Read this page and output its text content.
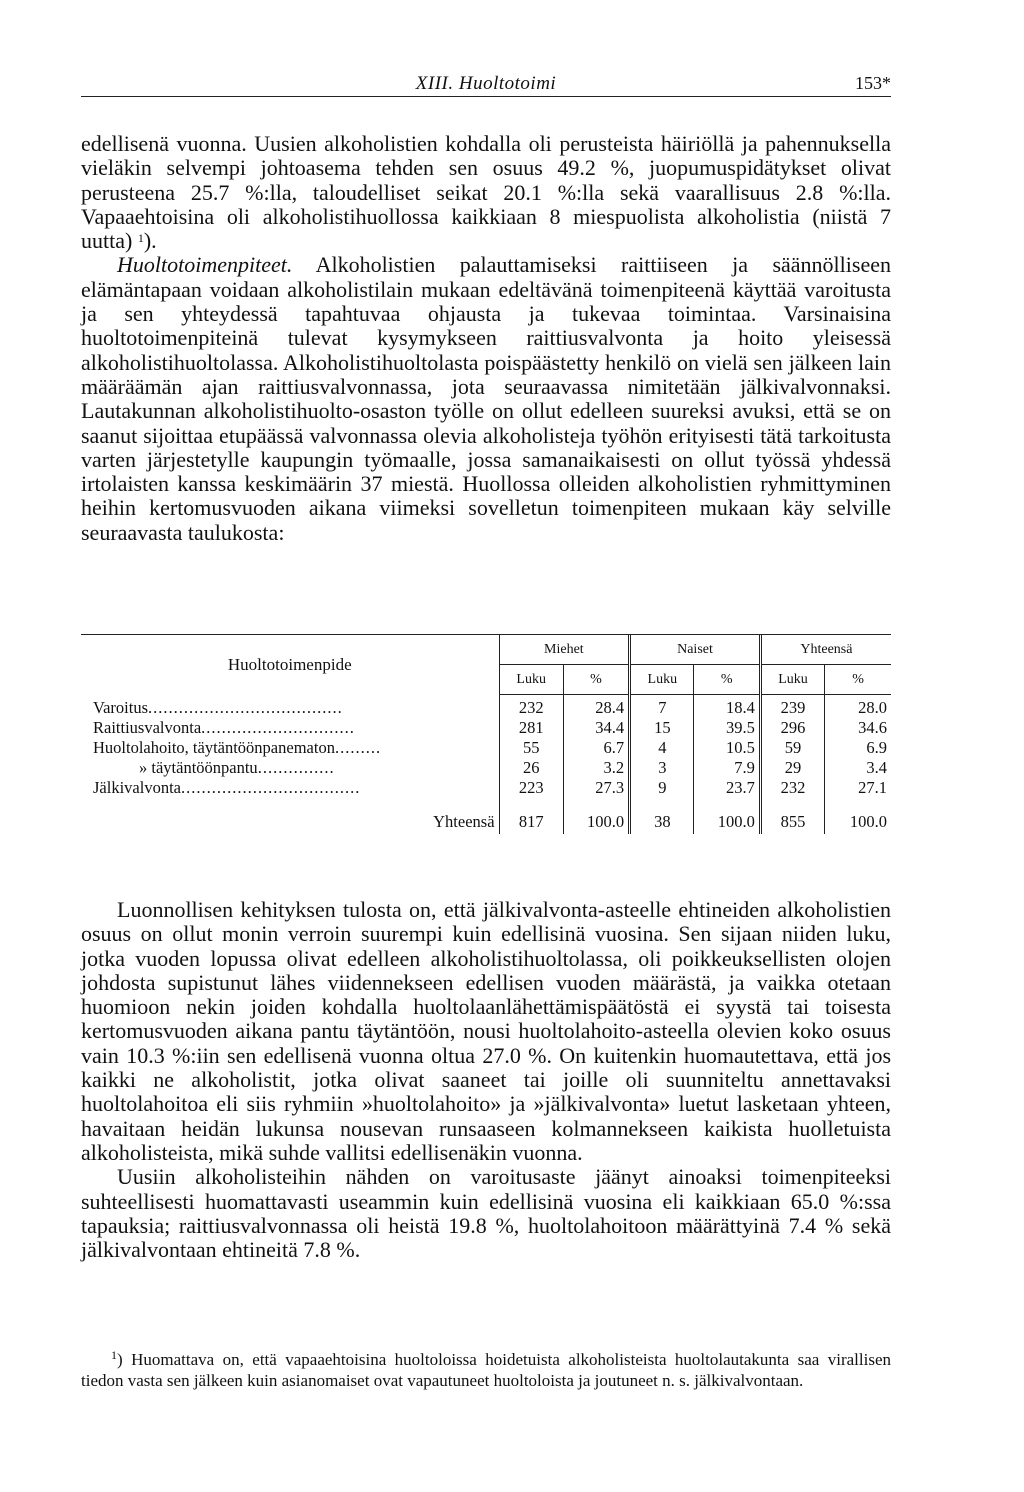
XIII. Huoltotoimi	153*

edellisenä vuonna. Uusien alkoholistien kohdalla oli perusteista häiriöllä ja pahennuksella vieläkin selvempi johtoasema tehden sen osuus 49.2 %, juopumuspidätykset olivat perusteena 25.7 %:lla, taloudelliset seikat 20.1 %:lla sekä vaarallisuus 2.8 %:lla. Vapaaehtoisina oli alkoholistihuollossa kaikkiaan 8 miespuolista alkoholistia (niistä 7 uutta) $^1$).

Huoltotoimenpiteet. Alkoholistien palauttamiseksi raittiiseen ja säännölliseen elämäntapaan voidaan alkoholistilain mukaan edeltävänä toimenpiteenä käyttää varoitusta ja sen yhteydessä tapahtuvaa ohjausta ja tukevaa toimintaa. Varsinaisina huoltotoimenpiteinä tulevat kysymykseen raittiusvalvonta ja hoito yleisessä alkoholistihuoltolassa. Alkoholistihuoltolasta poispäästetty henkilö on vielä sen jälkeen lain määräämän ajan raittiusvalvonnassa, jota seuraavassa nimitetään jälkivalvonnaksi. Lautakunnan alkoholistihuolto-osaston työlle on ollut edelleen suureksi avuksi, että se on saanut sijoittaa etupäässä valvonnassa olevia alkoholisteja työhön erityisesti tätä tarkoitusta varten järjestetylle kaupungin työmaalle, jossa samanaikaisesti on ollut työssä yhdessä irtolaisten kanssa keskimäärin 37 miestä. Huollossa olleiden alkoholistien ryhmittyminen heihin kertomusvuoden aikana viimeksi sovelletun toimenpiteen mukaan käy selville seuraavasta taulukosta:

Huoltotoimenpide	Miehet		Naiset		Yhteensä	
	Luku	%	Luku	%	Luku	%
Varoitus......................................	232	28.4	7	18.4	239	28.0
Raittiusvalvonta..............................	281	34.4	15	39.5	296	34.6
Huoltolahoito, täytäntöönpanematon.........	55	6.7	4	10.5	59	6.9
» täytäntöönpantu...............	26	3.2	3	7.9	29	3.4
Jälkivalvonta...................................	223	27.3	9	23.7	232	27.1
Yhteensä	817	100.0	38	100.0	855	100.0

Luonnollisen kehityksen tulosta on, että jälkivalvonta-asteelle ehtineiden alkoholistien osuus on ollut monin verroin suurempi kuin edellisinä vuosina. Sen sijaan niiden luku, jotka vuoden lopussa olivat edelleen alkoholistihuoltolassa, oli poikkeuksellisten olojen johdosta supistunut lähes viidennekseen edellisen vuoden määrästä, ja vaikka otetaan huomioon nekin joiden kohdalla huoltolaanlähettämispäätöstä ei syystä tai toisesta kertomusvuoden aikana pantu täytäntöön, nousi huoltolahoito-asteella olevien koko osuus vain 10.3 %:iin sen edellisenä vuonna oltua 27.0 %. On kuitenkin huomautettava, että jos kaikki ne alkoholistit, jotka olivat saaneet tai joille oli suunniteltu annettavaksi huoltolahoitoa eli siis ryhmiin »huoltolahoito» ja »jälkivalvonta» luetut lasketaan yhteen, havaitaan heidän lukunsa nousevan runsaaseen kolmannekseen kaikista huolletuista alkoholisteista, mikä suhde vallitsi edellisenäkin vuonna.

Uusiin alkoholisteihin nähden on varoitusaste jäänyt ainoaksi toimenpiteeksi suhteellisesti huomattavasti useammin kuin edellisinä vuosina eli kaikkiaan 65.0 %:ssa tapauksia; raittiusvalvonnassa oli heistä 19.8 %, huoltolahoitoon määrättyinä 7.4 % sekä jälkivalvontaan ehtineitä 7.8 %.

$^1$) Huomattava on, että vapaaehtoisina huoltoloissa hoidetuista alkoholisteista huoltolautakunta saa virallisen tiedon vasta sen jälkeen kuin asianomaiset ovat vapautuneet huoltoloista ja joutuneet n. s. jälkivalvontaan.
